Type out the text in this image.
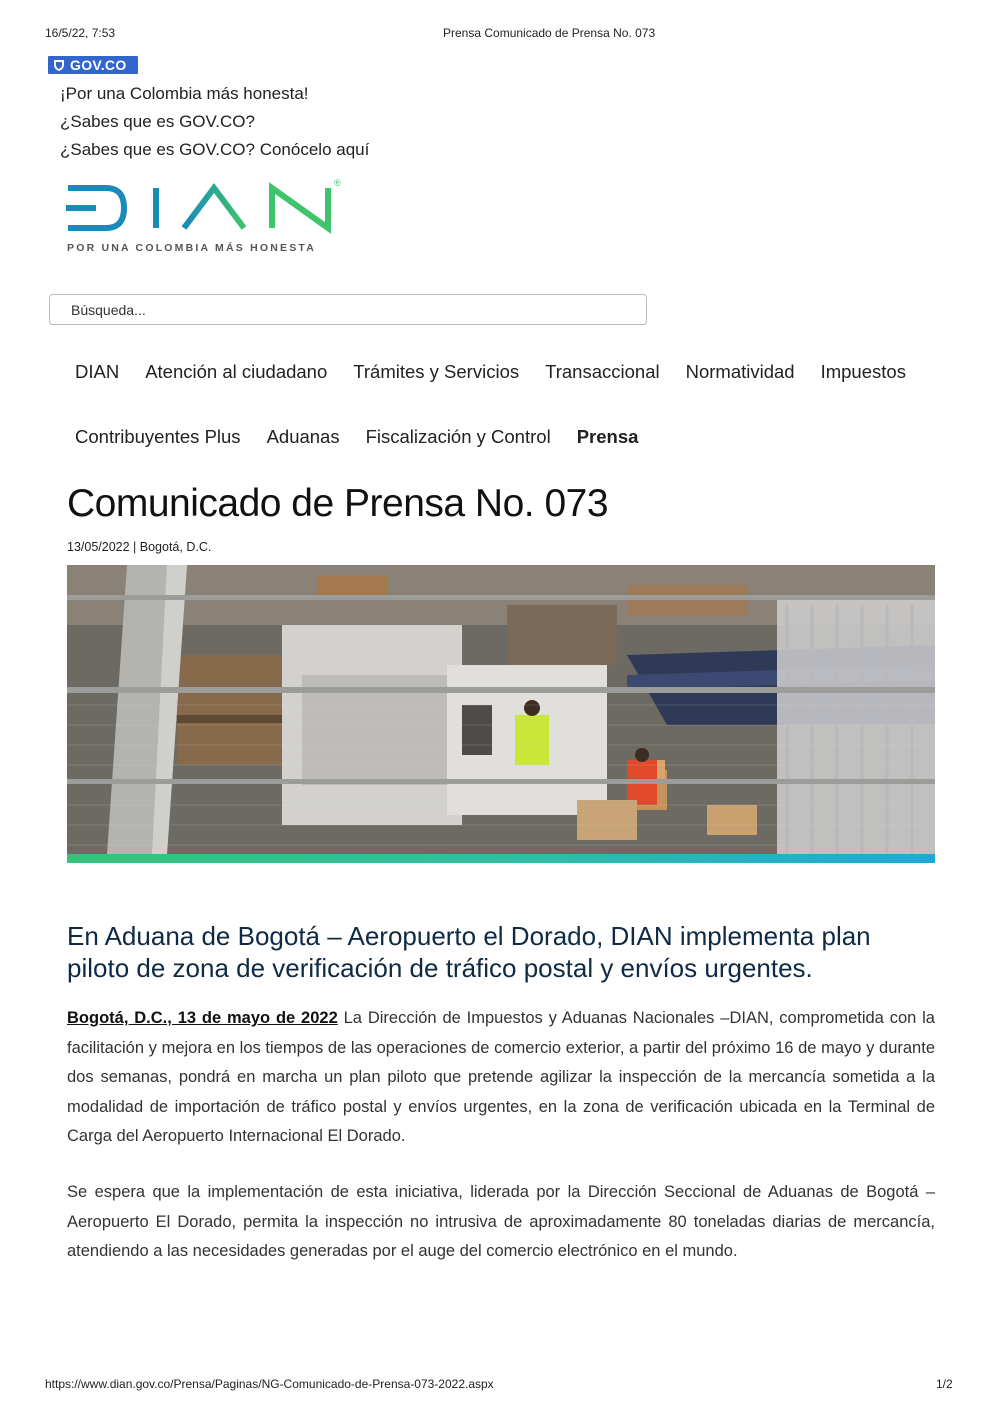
16/5/22, 7:53	Prensa Comunicado de Prensa No. 073
GOV.CO
¡Por una Colombia más honesta!
¿Sabes que es GOV.CO?
¿Sabes que es GOV.CO? Conócelo aquí
®
POR UNA COLOMBIA MÁS HONESTA
Búsqueda...
DIAN Atención al ciudadano Trámites y Servicios Transaccional Normatividad Impuestos
Contribuyentes Plus Aduanas Fiscalización y Control Prensa
Comunicado de Prensa No. 073
13/05/2022 | Bogotá, D.C.
En Aduana de Bogotá – Aeropuerto el Dorado, DIAN implementa plan piloto de zona de verificación de tráfico postal y envíos urgentes.
Bogotá, D.C., 13 de mayo de 2022 La Dirección de Impuestos y Aduanas Nacionales –DIAN, comprometida con la facilitación y mejora en los tiempos de las operaciones de comercio exterior, a partir del próximo 16 de mayo y durante dos semanas, pondrá en marcha un plan piloto que pretende agilizar la inspección de la mercancía sometida a la modalidad de importación de tráfico postal y envíos urgentes, en la zona de verificación ubicada en la Terminal de Carga del Aeropuerto Internacional El Dorado.
Se espera que la implementación de esta iniciativa, liderada por la Dirección Seccional de Aduanas de Bogotá – Aeropuerto El Dorado, permita la inspección no intrusiva de aproximadamente 80 toneladas diarias de mercancía, atendiendo a las necesidades generadas por el auge del comercio electrónico en el mundo.
https://www.dian.gov.co/Prensa/Paginas/NG-Comunicado-de-Prensa-073-2022.aspx	1/2
